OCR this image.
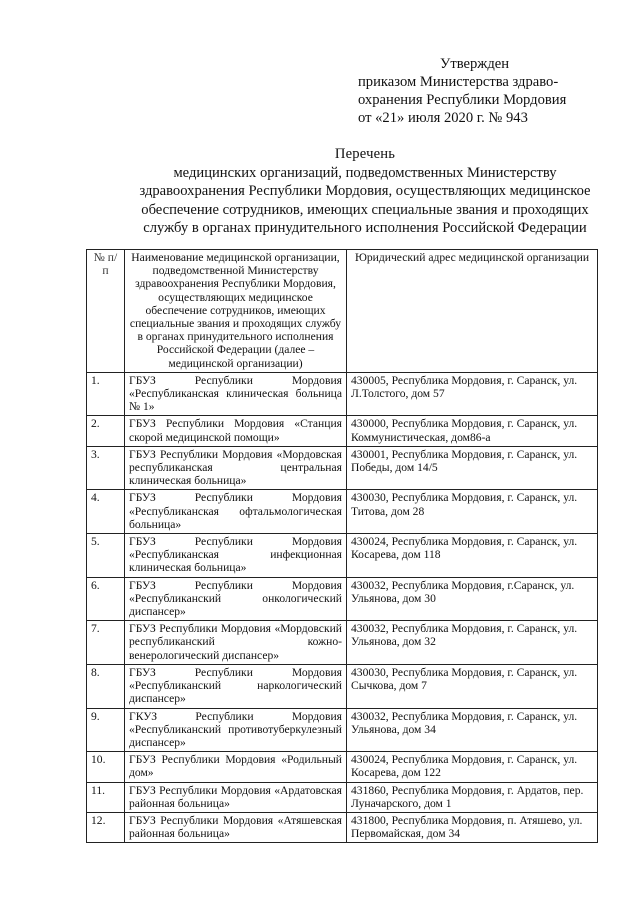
Утвержден
приказом Министерства здраво-
охранения Республики Мордовия
от «21» июля 2020 г. № 943
Перечень
медицинских организаций, подведомственных Министерству
здравоохранения Республики Мордовия, осуществляющих медицинское
обеспечение сотрудников, имеющих специальные звания и проходящих
службу в органах принудительного исполнения Российской Федерации
№ п/п	Наименование медицинской организации, подведомственной Министерству здравоохранения Республики Мордовия, осуществляющих медицинское обеспечение сотрудников, имеющих специальные звания и проходящих службу в органах принудительного исполнения Российской Федерации (далее – медицинской организации)	Юридический адрес медицинской организации
1.	ГБУЗ Республики Мордовия «Республиканская клиническая больница № 1»	430005, Республика Мордовия, г. Саранск, ул. Л.Толстого, дом 57
2.	ГБУЗ Республики Мордовия «Станция скорой медицинской помощи»	430000, Республика Мордовия, г. Саранск, ул. Коммунистическая, дом86-а
3.	ГБУЗ Республики Мордовия «Мордовская республиканская центральная клиническая больница»	430001, Республика Мордовия, г. Саранск, ул. Победы, дом 14/5
4.	ГБУЗ Республики Мордовия «Республиканская офтальмологическая больница»	430030, Республика Мордовия, г. Саранск, ул. Титова, дом 28
5.	ГБУЗ Республики Мордовия «Республиканская инфекционная клиническая больница»	430024, Республика Мордовия, г. Саранск, ул. Косарева, дом 118
6.	ГБУЗ Республики Мордовия «Республиканский онкологический диспансер»	430032, Республика Мордовия, г.Саранск, ул. Ульянова, дом 30
7.	ГБУЗ Республики Мордовия «Мордовский республиканский кожно-венерологический диспансер»	430032, Республика Мордовия, г. Саранск, ул. Ульянова, дом 32
8.	ГБУЗ Республики Мордовия «Республиканский наркологический диспансер»	430030, Республика Мордовия, г. Саранск, ул. Сычкова, дом 7
9.	ГКУЗ Республики Мордовия «Республиканский противотуберкулезный диспансер»	430032, Республика Мордовия, г. Саранск, ул. Ульянова, дом 34
10.	ГБУЗ Республики Мордовия «Родильный дом»	430024, Республика Мордовия, г. Саранск, ул. Косарева, дом 122
11.	ГБУЗ Республики Мордовия «Ардатовская районная больница»	431860, Республика Мордовия, г. Ардатов, пер. Луначарского, дом 1
12.	ГБУЗ Республики Мордовия «Атяшевская районная больница»	431800, Республика Мордовия, п. Атяшево, ул. Первомайская, дом 34
